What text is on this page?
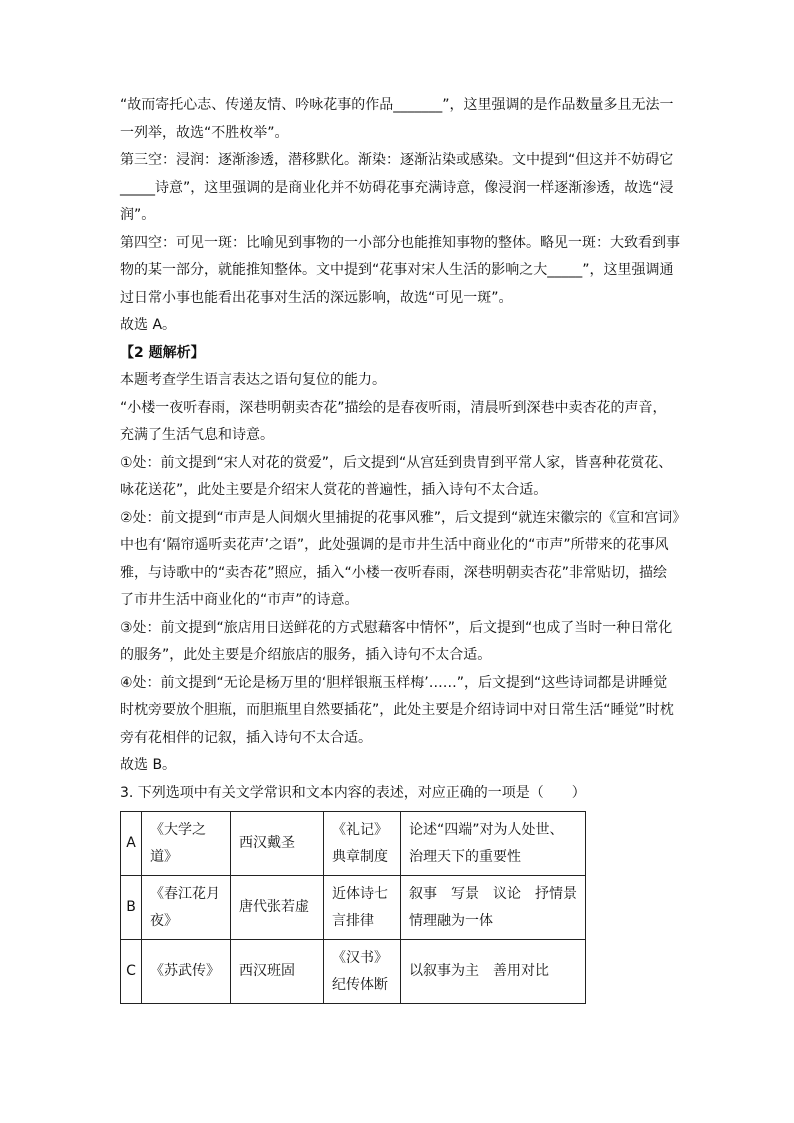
“故而寄托心志、传递友情、吟咏花事的作品_______”，这里强调的是作品数量多且无法一一列举，故选“不胜枚举”。

第三空：浸润：逐渐渗透，潜移默化。渐染：逐渐沾染或感染。文中提到“但这并不妨碍它_____诗意”，这里强调的是商业化并不妨碍花事充满诗意，像浸润一样逐渐渗透，故选“浸润”。

第四空：可见一斑：比喻见到事物的一小部分也能推知事物的整体。略见一斑：大致看到事物的某一部分，就能推知整体。文中提到“花事对宋人生活的影响之大_____”，这里强调通过日常小事也能看出花事对生活的深远影响，故选“可见一斑”。

故选 A。

【2 题解析】

本题考查学生语言表达之语句复位的能力。

“小楼一夜听春雨，深巷明朝卖杏花”描绘的是春夜听雨，清晨听到深巷中卖杏花的声音，充满了生活气息和诗意。

①处：前文提到“宋人对花的赏爱”，后文提到“从宫廷到贵胄到平常人家，皆喜种花赏花、咏花送花”，此处主要是介绍宋人赏花的普遍性，插入诗句不太合适。

②处：前文提到“市声是人间烟火里捕捉的花事风雅”，后文提到“就连宋徽宗的《宣和宫词》中也有‘隔帘遥听卖花声’之语”，此处强调的是市井生活中商业化的“市声”所带来的花事风雅，与诗歌中的“卖杏花”照应，插入“小楼一夜听春雨，深巷明朝卖杏花”非常贴切，描绘了市井生活中商业化的“市声”的诗意。

③处：前文提到“旅店用日送鲜花的方式慰藉客中情怀”，后文提到“也成了当时一种日常化的服务”，此处主要是介绍旅店的服务，插入诗句不太合适。

④处：前文提到“无论是杨万里的‘胆样银瓶玉样梅’……”，后文提到“这些诗词都是讲睡觉时枕旁要放个胆瓶，而胆瓶里自然要插花”，此处主要是介绍诗词中对日常生活“睡觉”时枕旁有花相伴的记叙，插入诗句不太合适。

故选 B。

3. 下列选项中有关文学常识和文本内容的表述，对应正确的一项是（　　）

A	《大学之道》	西汉戴圣	《礼记》典章制度	论述“四端”对为人处世、治理天下的重要性
B	《春江花月夜》	唐代张若虚	近体诗七言排律	叙事　写景　议论　抒情景情理融为一体
C	《苏武传》	西汉班固	《汉书》纪传体断	以叙事为主　善用对比
